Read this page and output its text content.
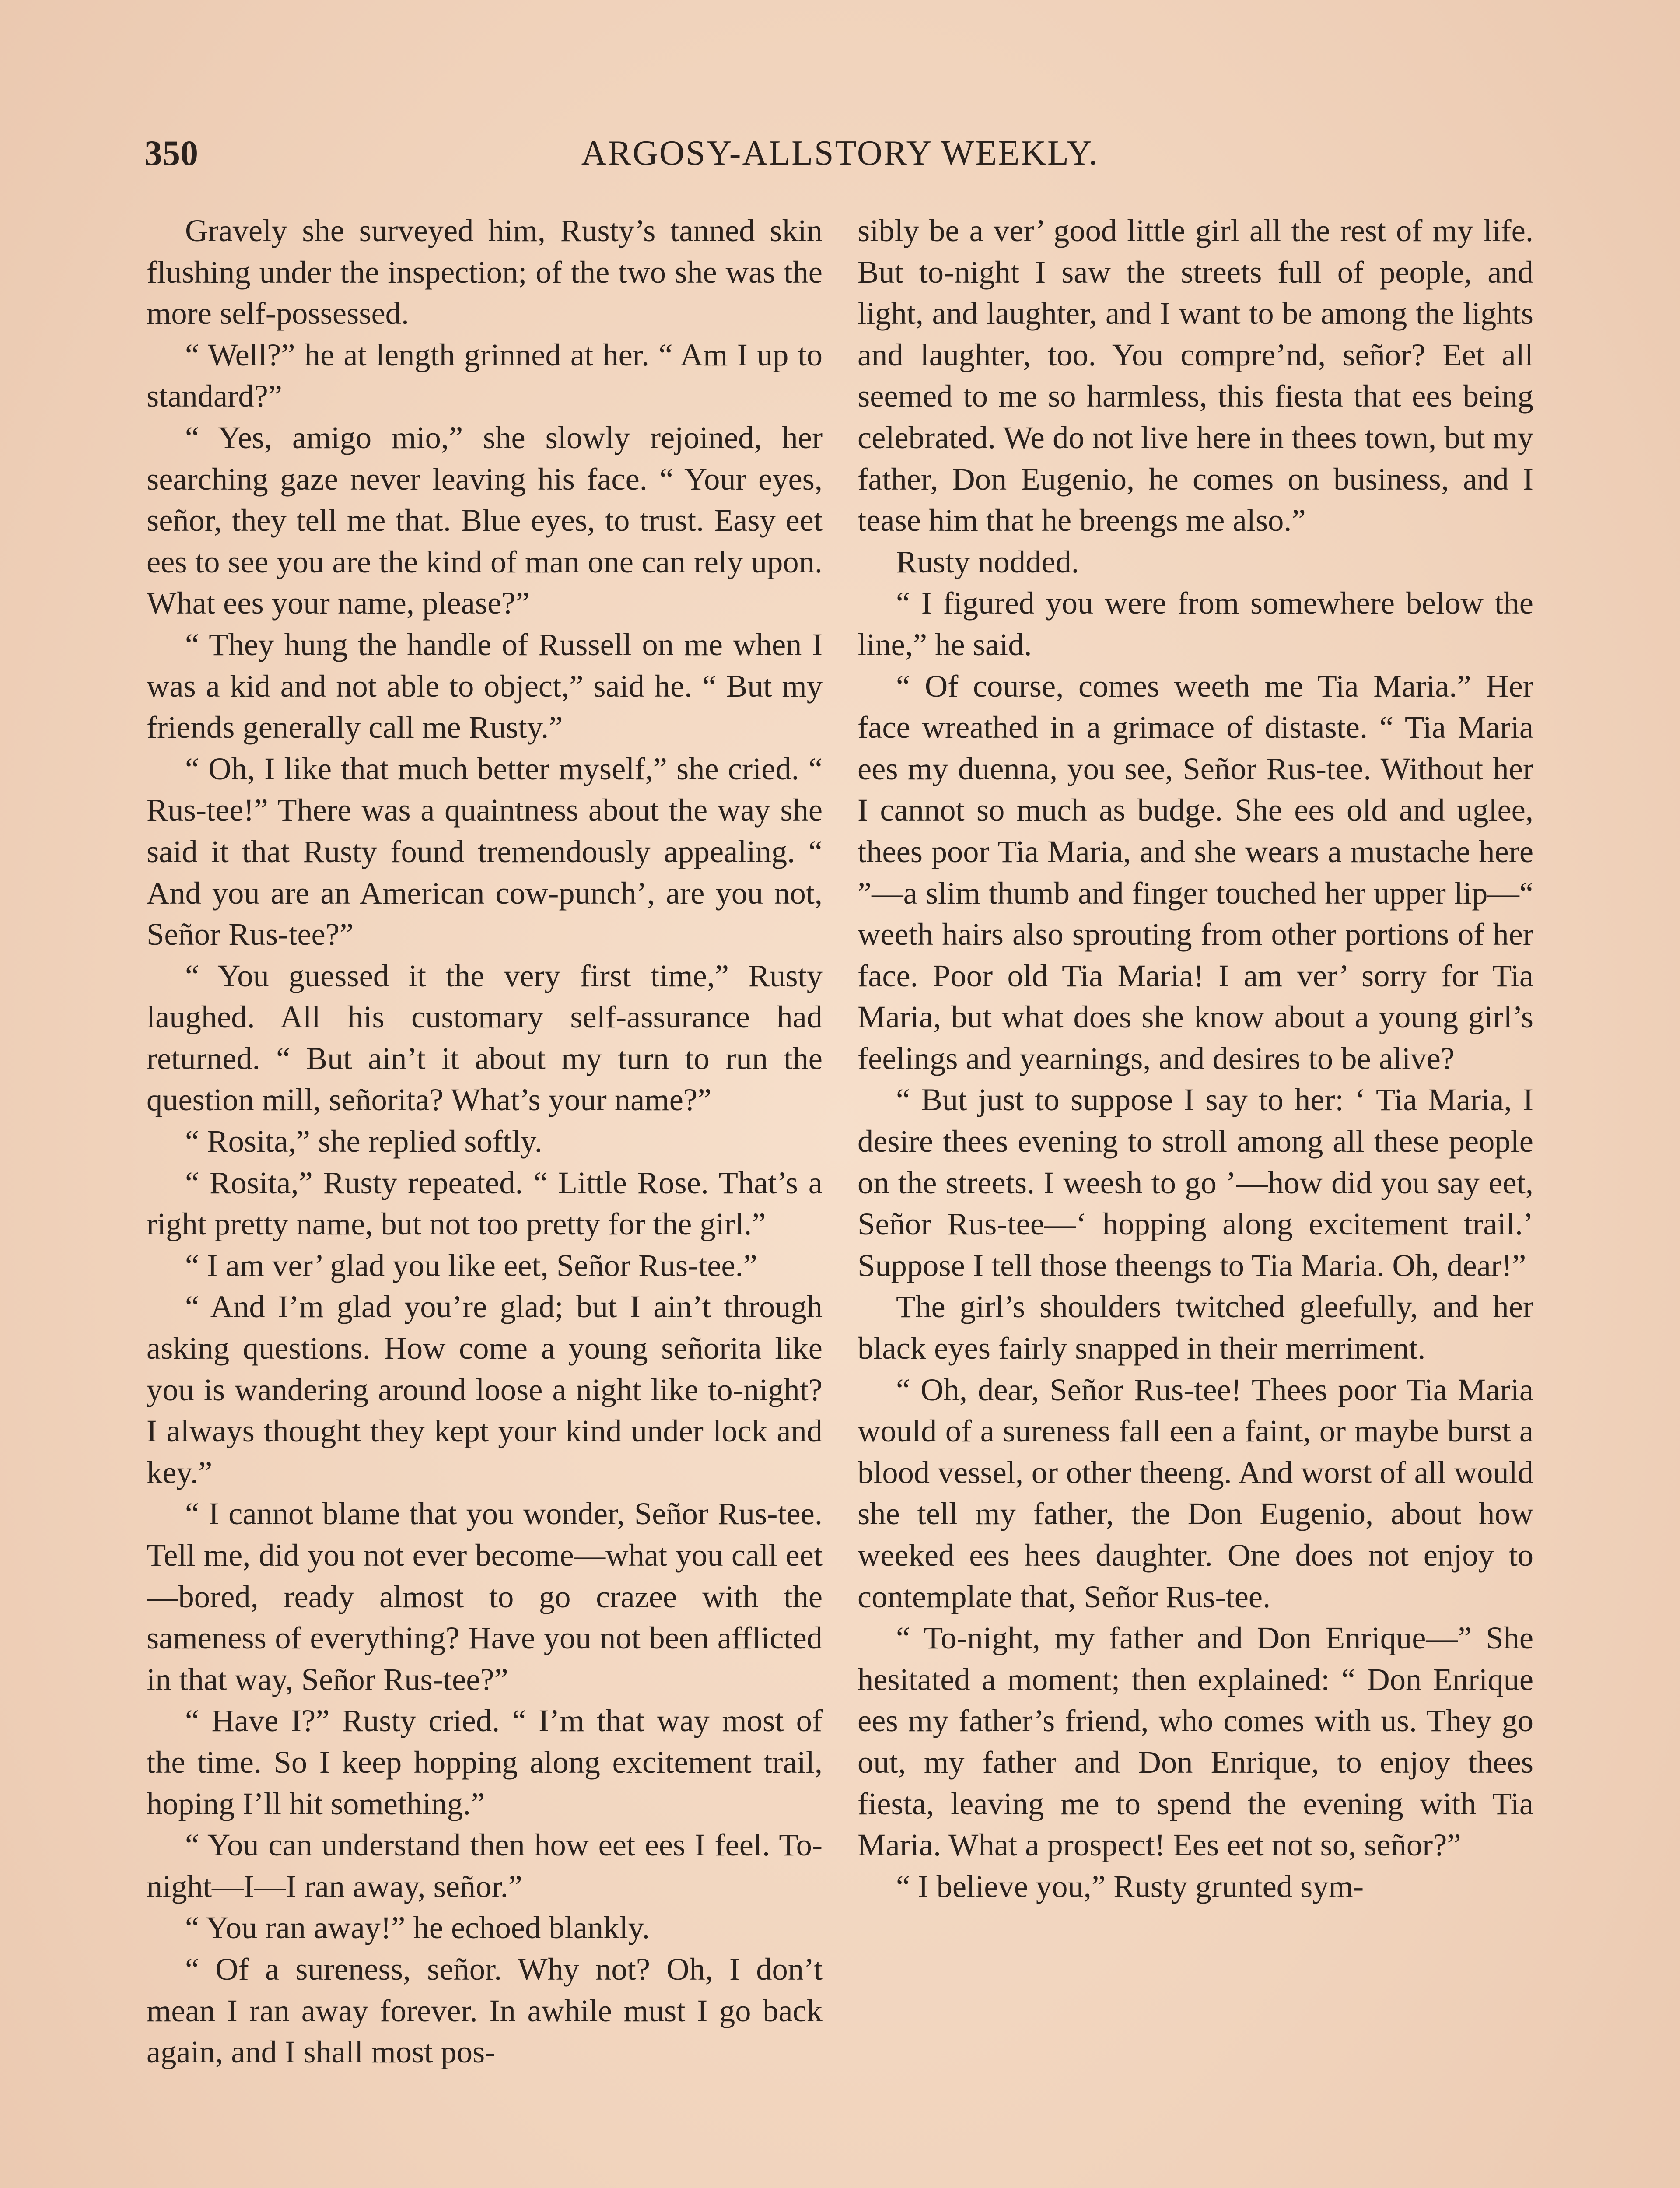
350	ARGOSY-ALLSTORY WEEKLY.

Gravely she surveyed him, Rusty’s tanned skin flushing under the inspection; of the two she was the more self-possessed.

“ Well?” he at length grinned at her. “ Am I up to standard?”

“ Yes, amigo mio,” she slowly rejoined, her searching gaze never leaving his face. “ Your eyes, señor, they tell me that. Blue eyes, to trust. Easy eet ees to see you are the kind of man one can rely upon. What ees your name, please?”

“ They hung the handle of Russell on me when I was a kid and not able to object,” said he. “ But my friends generally call me Rusty.”

“ Oh, I like that much better myself,” she cried. “ Rus-tee!” There was a quaintness about the way she said it that Rusty found tremendously appealing. “ And you are an American cow-punch’, are you not, Señor Rus-tee?”

“ You guessed it the very first time,” Rusty laughed. All his customary self-assurance had returned. “ But ain’t it about my turn to run the question mill, señorita? What’s your name?”

“ Rosita,” she replied softly.

“ Rosita,” Rusty repeated. “ Little Rose. That’s a right pretty name, but not too pretty for the girl.”

“ I am ver’ glad you like eet, Señor Rus-tee.”

“ And I’m glad you’re glad; but I ain’t through asking questions. How come a young señorita like you is wandering around loose a night like to-night? I always thought they kept your kind under lock and key.”

“ I cannot blame that you wonder, Señor Rus-tee. Tell me, did you not ever become—what you call eet—bored, ready almost to go crazee with the sameness of everything? Have you not been afflicted in that way, Señor Rus-tee?”

“ Have I?” Rusty cried. “ I’m that way most of the time. So I keep hopping along excitement trail, hoping I’ll hit something.”

“ You can understand then how eet ees I feel. To-night—I—I ran away, señor.”

“ You ran away!” he echoed blankly.

“ Of a sureness, señor. Why not? Oh, I don’t mean I ran away forever. In awhile must I go back again, and I shall most pos-

sibly be a ver’ good little girl all the rest of my life. But to-night I saw the streets full of people, and light, and laughter, and I want to be among the lights and laughter, too. You compre’nd, señor? Eet all seemed to me so harmless, this fiesta that ees being celebrated. We do not live here in thees town, but my father, Don Eugenio, he comes on business, and I tease him that he breengs me also.”

Rusty nodded.

“ I figured you were from somewhere below the line,” he said.

“ Of course, comes weeth me Tia Maria.” Her face wreathed in a grimace of distaste. “ Tia Maria ees my duenna, you see, Señor Rus-tee. Without her I cannot so much as budge. She ees old and uglee, thees poor Tia Maria, and she wears a mustache here ”—a slim thumb and finger touched her upper lip—“ weeth hairs also sprouting from other portions of her face. Poor old Tia Maria! I am ver’ sorry for Tia Maria, but what does she know about a young girl’s feelings and yearnings, and desires to be alive?

“ But just to suppose I say to her: ‘ Tia Maria, I desire thees evening to stroll among all these people on the streets. I weesh to go ’—how did you say eet, Señor Rus-tee—‘ hopping along excitement trail.’ Suppose I tell those theengs to Tia Maria. Oh, dear!”

The girl’s shoulders twitched gleefully, and her black eyes fairly snapped in their merriment.

“ Oh, dear, Señor Rus-tee! Thees poor Tia Maria would of a sureness fall een a faint, or maybe burst a blood vessel, or other theeng. And worst of all would she tell my father, the Don Eugenio, about how weeked ees hees daughter. One does not enjoy to contemplate that, Señor Rus-tee.

“ To-night, my father and Don Enrique—” She hesitated a moment; then explained: “ Don Enrique ees my father’s friend, who comes with us. They go out, my father and Don Enrique, to enjoy thees fiesta, leaving me to spend the evening with Tia Maria. What a prospect! Ees eet not so, señor?”

“ I believe you,” Rusty grunted sym-
